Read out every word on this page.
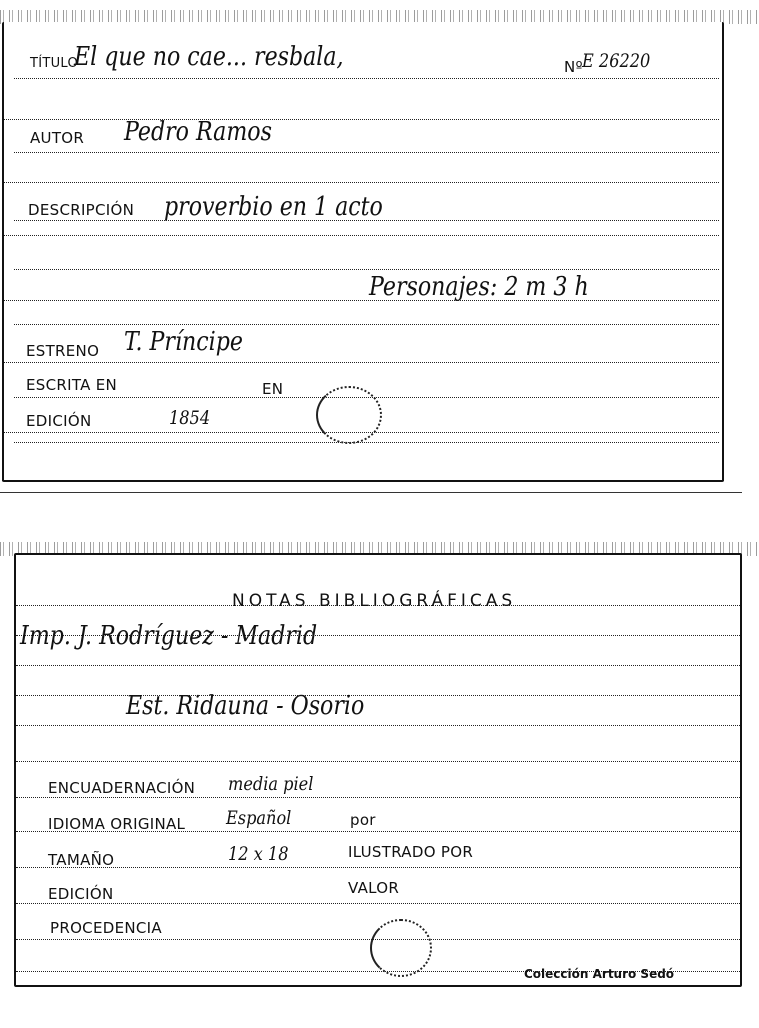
TÍTULO
El que no cae... resbala,	Nº E 26220
AUTOR Pedro Ramos
DESCRIPCIÓN proverbio en 1 acto
Personajes: 2 m 3 h
ESTRENO T. Príncipe
ESCRITA EN	EN
EDICIÓN	1854
NOTAS BIBLIOGRÁFICAS
Imp. J. Rodríguez - Madrid
Est. Ridauna - Osorio
ENCUADERNACIÓN media piel
IDIOMA ORIGINAL Español	por
TAMAÑO	12 x 18	ILUSTRADO POR
EDICIÓN	VALOR
PROCEDENCIA
Colección Arturo Sedó
